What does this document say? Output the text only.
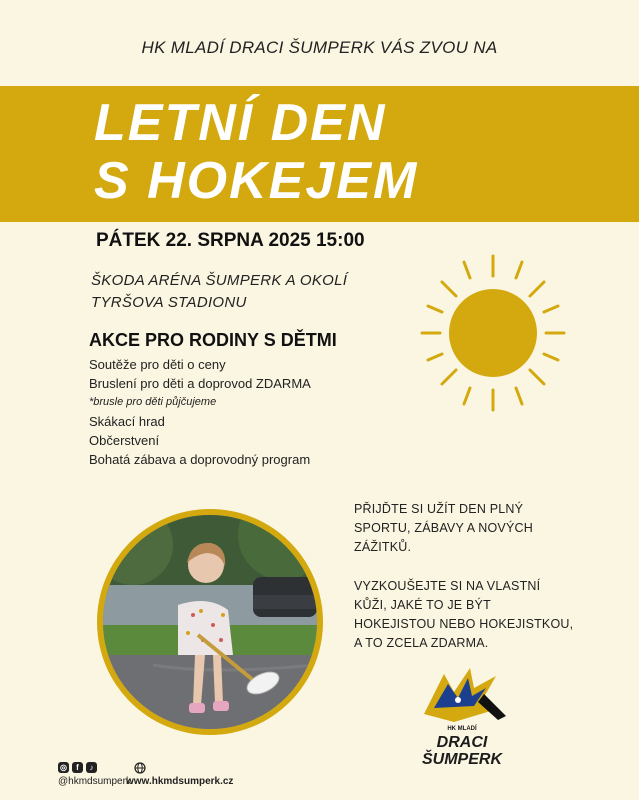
HK MLADÍ DRACI ŠUMPERK VÁS ZVOU NA
LETNÍ DEN
S HOKEJEM
PÁTEK 22. SRPNA 2025 15:00
ŠKODA ARÉNA ŠUMPERK A OKOLÍ
TYRŠOVA STADIONU
AKCE PRO RODINY S DĚTMI
Soutěže pro děti o ceny
Bruslení pro děti a doprovod ZDARMA
*brusle pro děti půjčujeme
Skákací hrad
Občerstvení
Bohatá zábava a doprovodný program
PŘIJĎTE SI UŽÍT DEN PLNÝ
SPORTU, ZÁBAVY A NOVÝCH
ZÁŽITKŮ.
VYZKOUŠEJTE SI NA VLASTNÍ
KŮŽI, JAKÉ TO JE BÝT
HOKEJISTOU NEBO HOKEJISTKOU,
A TO ZCELA ZDARMA.
HK MLADÍ
DRACI
ŠUMPERK
◎ f ♪
@hkmdsumperk
www.hkmdsumperk.cz
